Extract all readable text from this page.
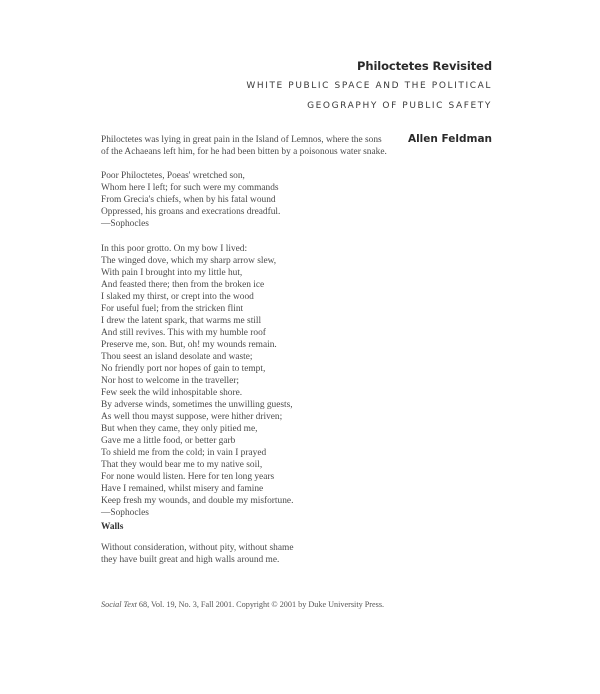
Philoctetes Revisited
WHITE PUBLIC SPACE AND THE POLITICAL
GEOGRAPHY OF PUBLIC SAFETY
Allen Feldman
Philoctetes was lying in great pain in the Island of Lemnos, where the sons
of the Achaeans left him, for he had been bitten by a poisonous water snake.
Poor Philoctetes, Poeas' wretched son,
Whom here I left; for such were my commands
From Grecia's chiefs, when by his fatal wound
Oppressed, his groans and execrations dreadful.
—Sophocles
In this poor grotto. On my bow I lived:
The winged dove, which my sharp arrow slew,
With pain I brought into my little hut,
And feasted there; then from the broken ice
I slaked my thirst, or crept into the wood
For useful fuel; from the stricken flint
I drew the latent spark, that warms me still
And still revives. This with my humble roof
Preserve me, son. But, oh! my wounds remain.
Thou seest an island desolate and waste;
No friendly port nor hopes of gain to tempt,
Nor host to welcome in the traveller;
Few seek the wild inhospitable shore.
By adverse winds, sometimes the unwilling guests,
As well thou mayst suppose, were hither driven;
But when they came, they only pitied me,
Gave me a little food, or better garb
To shield me from the cold; in vain I prayed
That they would bear me to my native soil,
For none would listen. Here for ten long years
Have I remained, whilst misery and famine
Keep fresh my wounds, and double my misfortune.
—Sophocles
Walls
Without consideration, without pity, without shame
they have built great and high walls around me.
Social Text 68, Vol. 19, No. 3, Fall 2001. Copyright © 2001 by Duke University Press.
